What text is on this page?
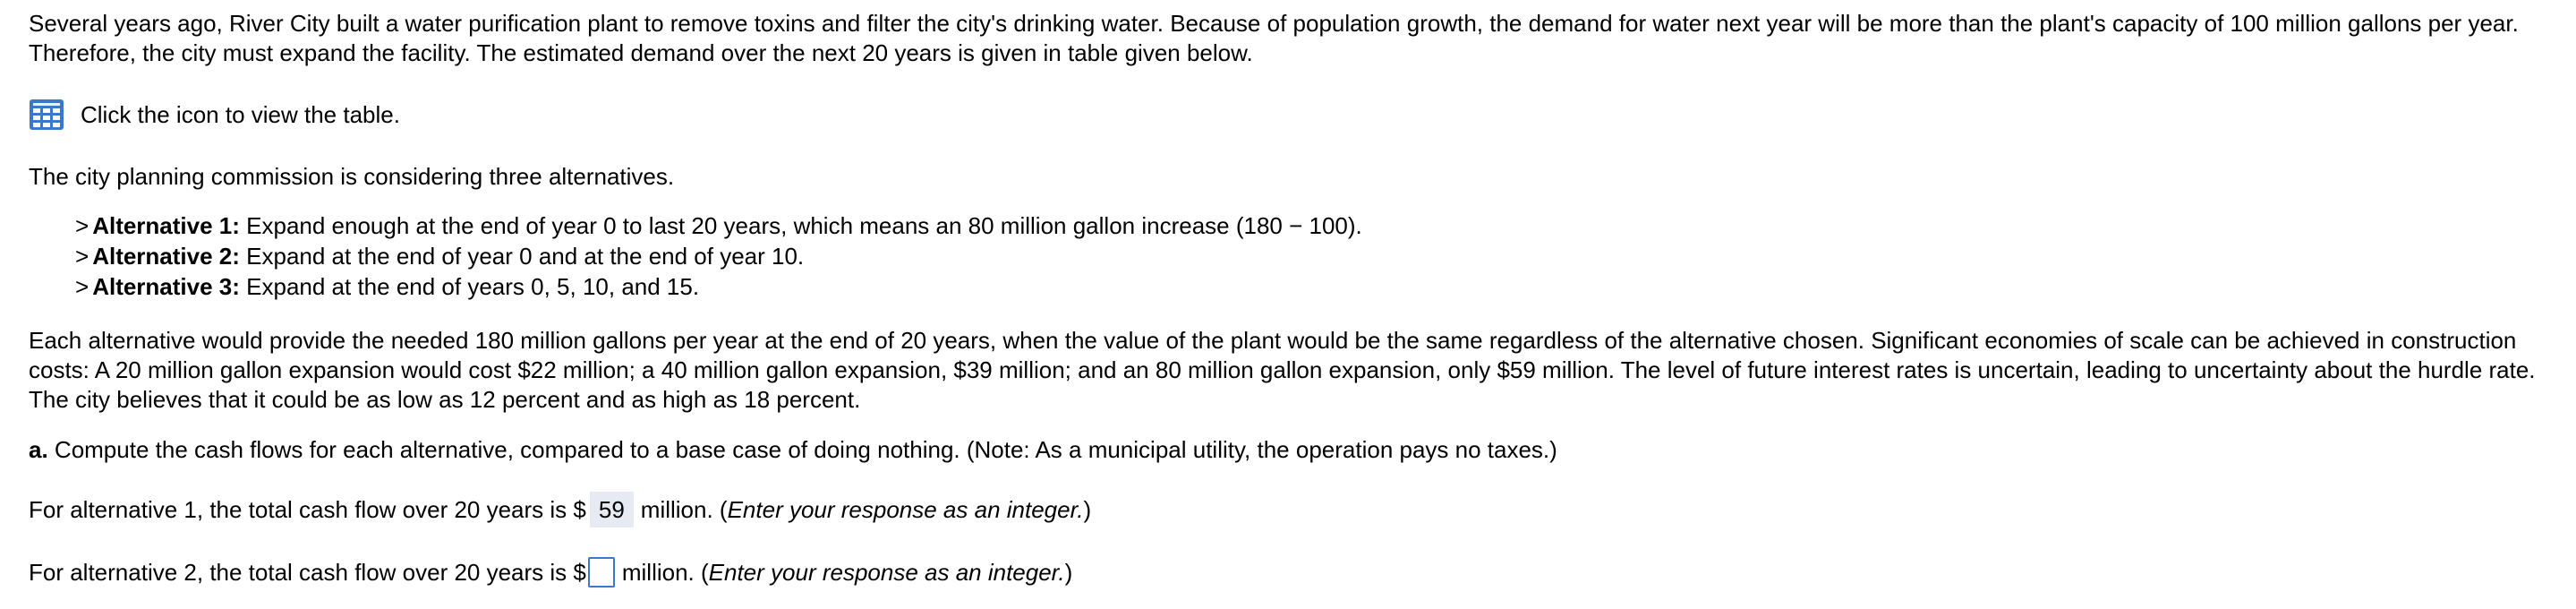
Several years ago, River City built a water purification plant to remove toxins and filter the city's drinking water. Because of population growth, the demand for water next year will be more than the plant's capacity of 100 million gallons per year.

Therefore, the city must expand the facility. The estimated demand over the next 20 years is given in table given below.

Click the icon to view the table.

The city planning commission is considering three alternatives.

> Alternative 1: Expand enough at the end of year 0 to last 20 years, which means an 80 million gallon increase (180 − 100).
> Alternative 2: Expand at the end of year 0 and at the end of year 10.
> Alternative 3: Expand at the end of years 0, 5, 10, and 15.

Each alternative would provide the needed 180 million gallons per year at the end of 20 years, when the value of the plant would be the same regardless of the alternative chosen. Significant economies of scale can be achieved in construction

costs: A 20 million gallon expansion would cost $22 million; a 40 million gallon expansion, $39 million; and an 80 million gallon expansion, only $59 million. The level of future interest rates is uncertain, leading to uncertainty about the hurdle rate.

The city believes that it could be as low as 12 percent and as high as 18 percent.

a. Compute the cash flows for each alternative, compared to a base case of doing nothing. (Note: As a municipal utility, the operation pays no taxes.)

For alternative 1, the total cash flow over 20 years is $ 59 million. ( Enter your response as an integer. )
For alternative 2, the total cash flow over 20 years is $ million. ( Enter your response as an integer. )
